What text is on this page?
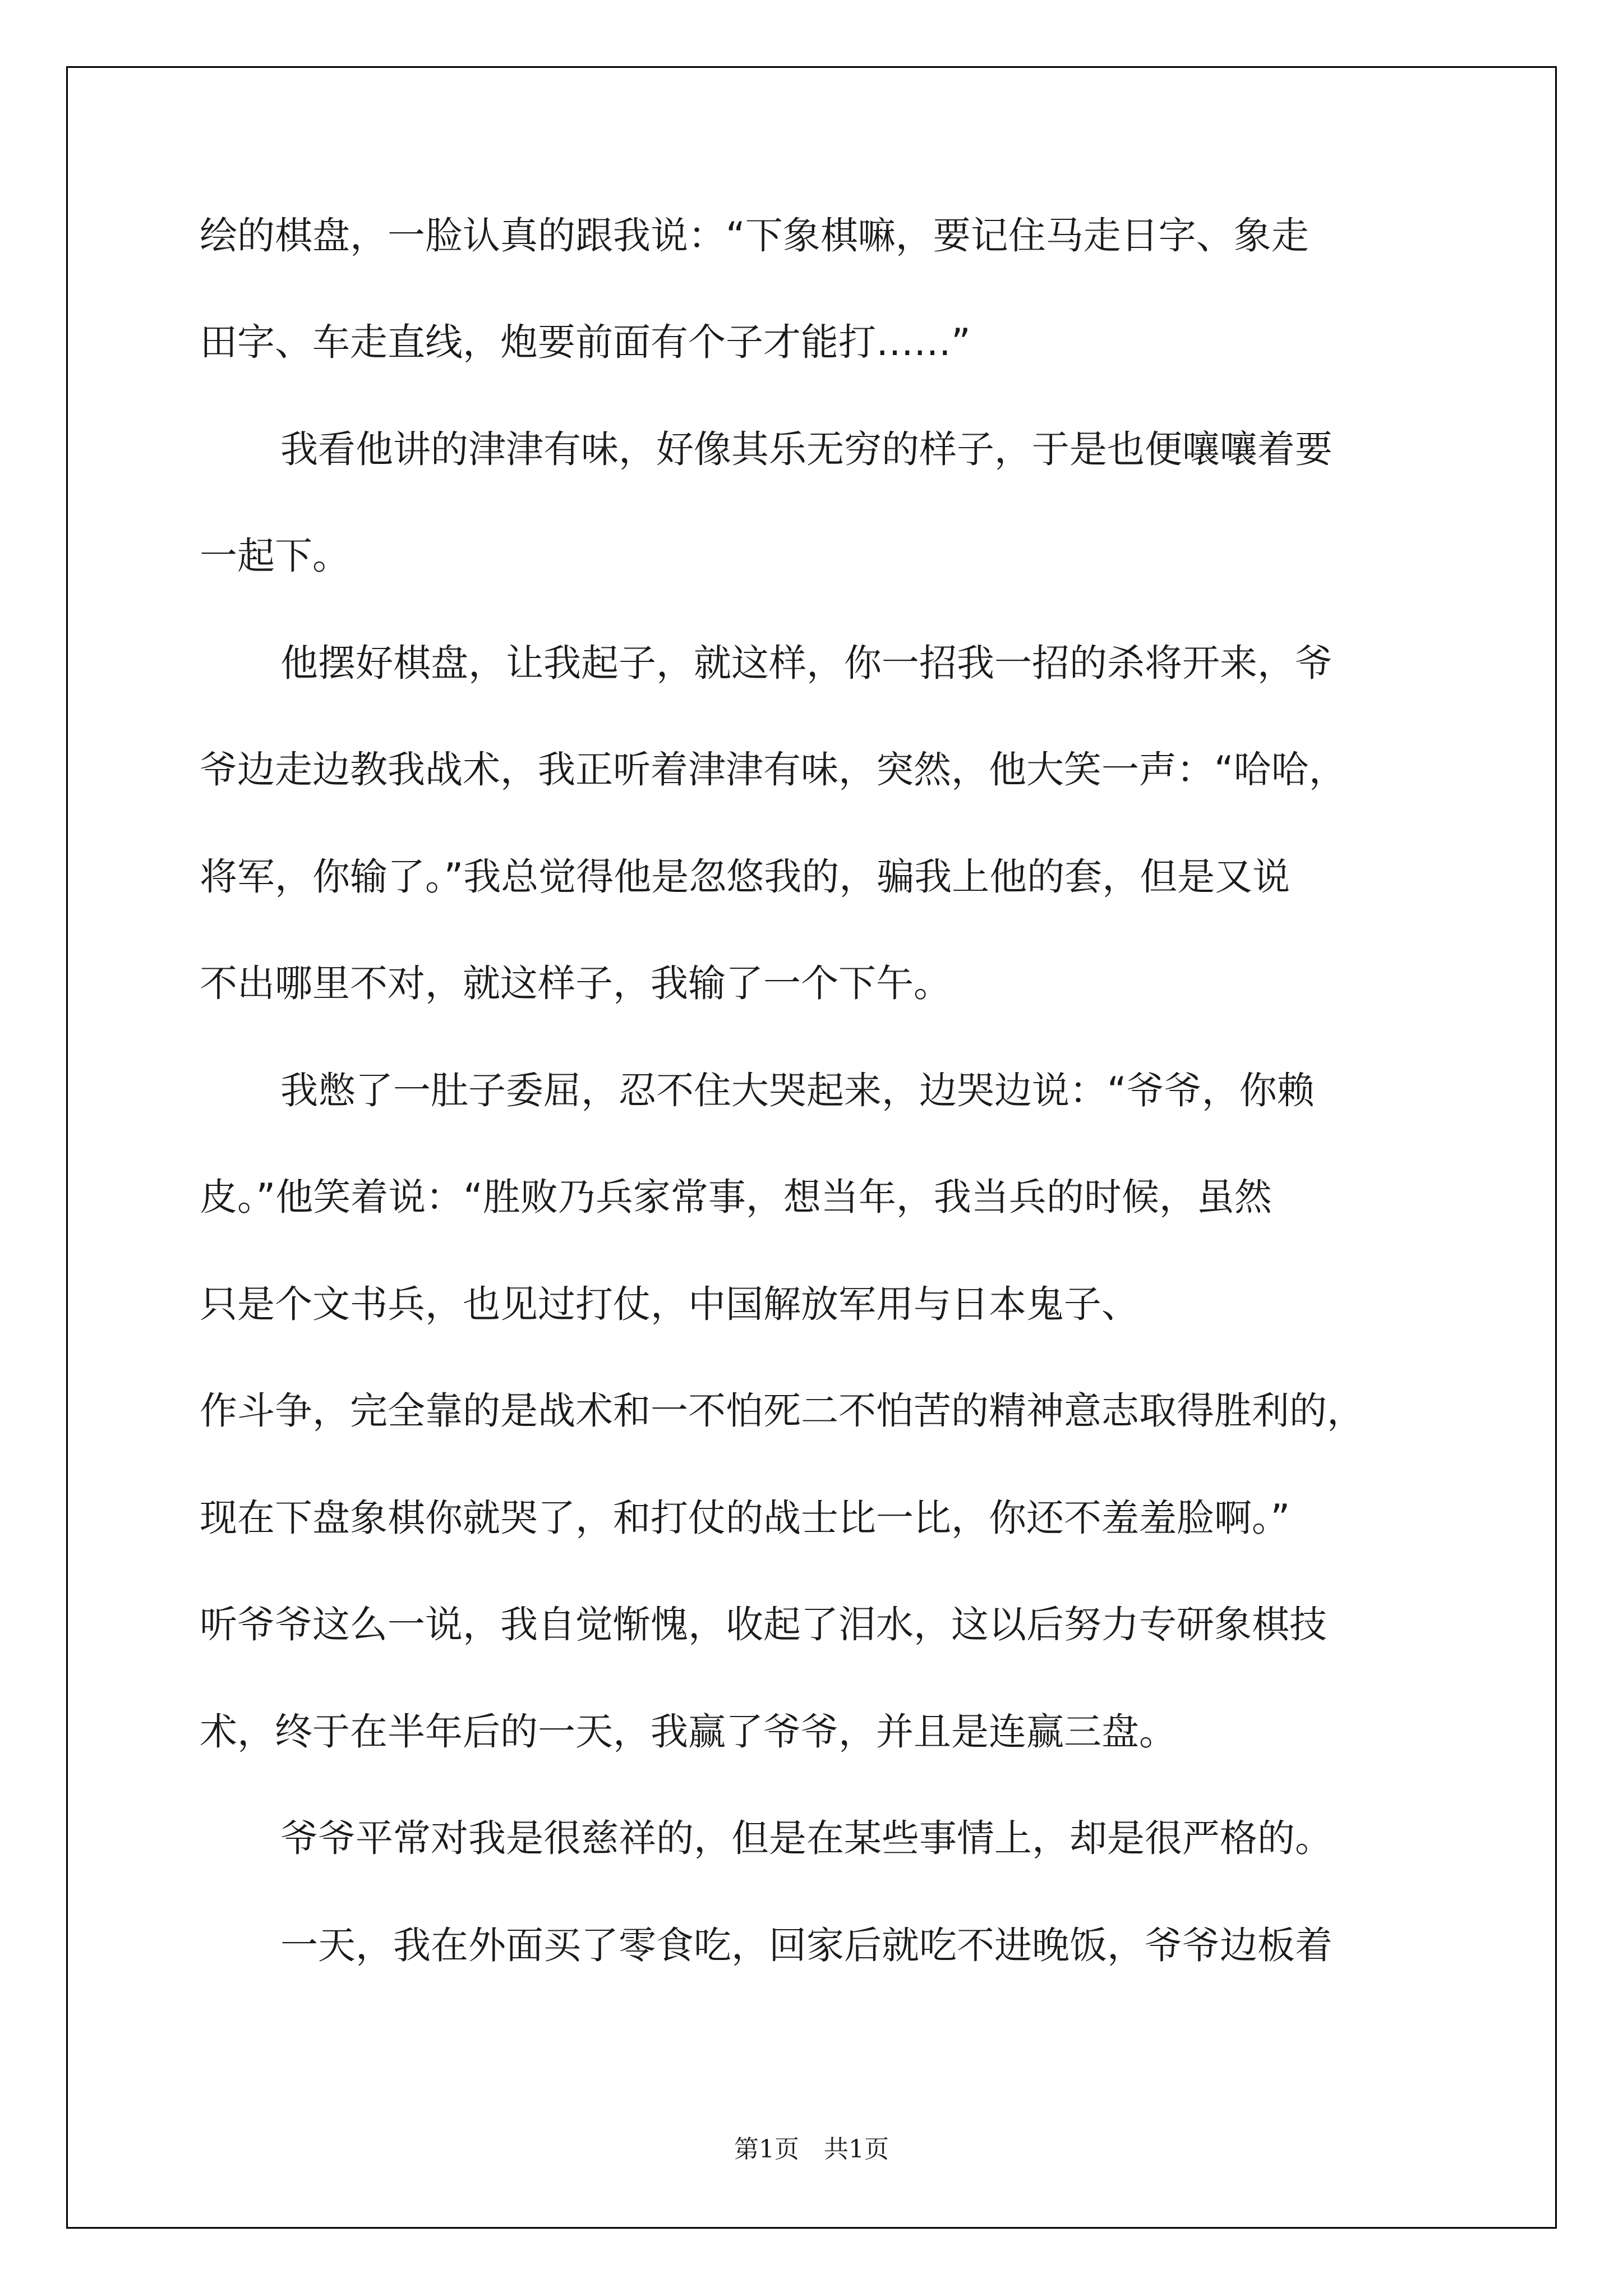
绘的棋盘，一脸认真的跟我说：“下象棋嘛，要记住马走日字、象走
田字、车走直线，炮要前面有个子才能打……”
我看他讲的津津有味，好像其乐无穷的样子，于是也便嚷嚷着要
一起下。
他摆好棋盘，让我起子，就这样，你一招我一招的杀将开来，爷
爷边走边教我战术，我正听着津津有味，突然，他大笑一声：“哈哈，
将军，你输了。”我总觉得他是忽悠我的，骗我上他的套，但是又说
不出哪里不对，就这样子，我输了一个下午。
我憋了一肚子委屈，忍不住大哭起来，边哭边说：“爷爷，你赖
皮。”他笑着说：“胜败乃兵家常事，想当年，我当兵的时候，虽然
只是个文书兵，也见过打仗，中国解放军用与日本鬼子、
作斗争，完全靠的是战术和一不怕死二不怕苦的精神意志取得胜利的，
现在下盘象棋你就哭了，和打仗的战士比一比，你还不羞羞脸啊。”
听爷爷这么一说，我自觉惭愧，收起了泪水，这以后努力专研象棋技
术，终于在半年后的一天，我赢了爷爷，并且是连赢三盘。
爷爷平常对我是很慈祥的，但是在某些事情上，却是很严格的。
一天，我在外面买了零食吃，回家后就吃不进晚饭，爷爷边板着
第1页　共1页
